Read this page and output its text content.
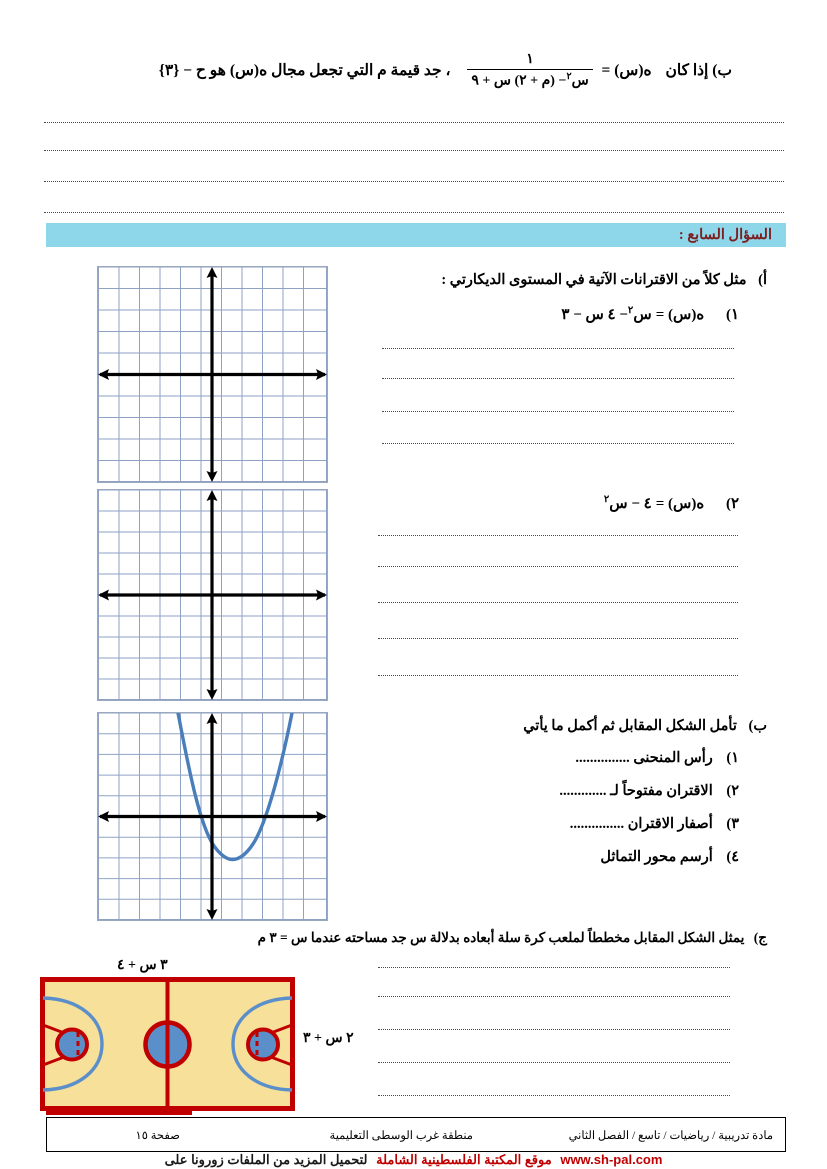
ب) إذا كان ه(س) =
$\frac{١}{س^٢- (م + ٢) س + ٩}$
، جد قيمة م التي تجعل مجال ه(س) هو ح − {٣}
السؤال السابع :
أ) مثل كلاً من الاقترانات الآتية في المستوى الديكارتي :
١) ه(س) =س$^٢$− ٤ س − ٣
٢) ه(س) =٤ − س$^٢$
ب) تأمل الشكل المقابل ثم أكمل ما يأتي
١) رأس المنحنى ...............
٢) الاقتران مفتوحاً لـ .............
٣) أصفار الاقتران ...............
٤) أرسم محور التماثل
ج) يمثل الشكل المقابل مخططاً لملعب كرة سلة أبعاده بدلالة س جد مساحته عندما س = ٣ م
٣ س + ٤
٢ س + ٣
مادة تدريبية / رياضيات / تاسع / الفصل الثاني
منطقة غرب الوسطى التعليمية
صفحة ١٥
www.sh-pal.com موقع المكتبة الفلسطينية الشاملة لتحميل المزيد من الملفات زورونا على
